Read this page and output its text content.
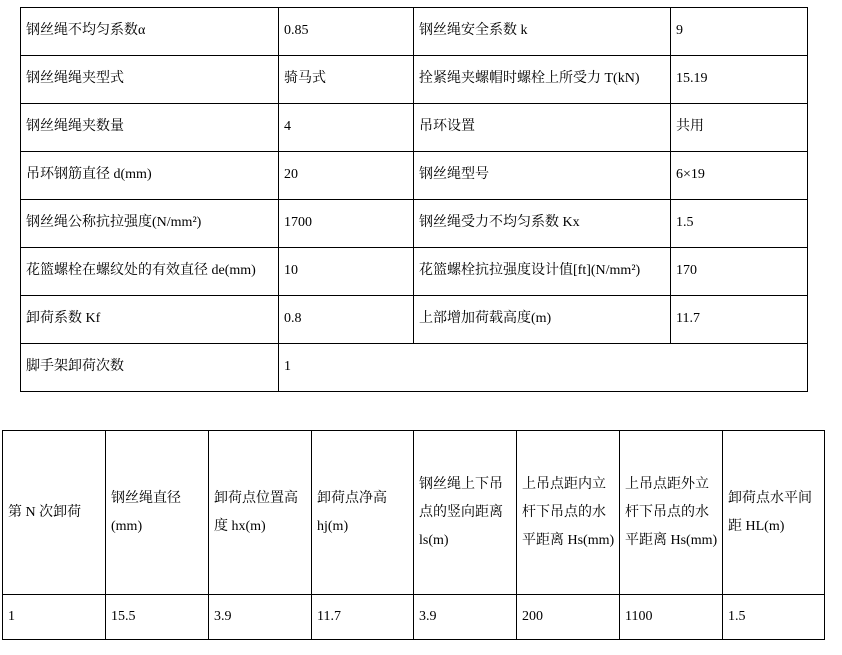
钢丝绳不均匀系数α	0.85	钢丝绳安全系数 k	9
钢丝绳绳夹型式	骑马式	拴紧绳夹螺帽时螺栓上所受力 T(kN)	15.19
钢丝绳绳夹数量	4	吊环设置	共用
吊环钢筋直径 d(mm)	20	钢丝绳型号	6×19
钢丝绳公称抗拉强度(N/mm²)	1700	钢丝绳受力不均匀系数 Kx	1.5
花篮螺栓在螺纹处的有效直径 de(mm)	10	花篮螺栓抗拉强度设计值[ft](N/mm²)	170
卸荷系数 Kf	0.8	上部增加荷载高度(m)	11.7
脚手架卸荷次数	1		
第 N 次卸荷	钢丝绳直径(mm)	卸荷点位置高度 hx(m)	卸荷点净高 hj(m)	钢丝绳上下吊点的竖向距离 ls(m)	上吊点距内立杆下吊点的水平距离 Hs(mm)	上吊点距外立杆下吊点的水平距离 Hs(mm)	卸荷点水平间距 HL(m)
1	15.5	3.9	11.7	3.9	200	1100	1.5
